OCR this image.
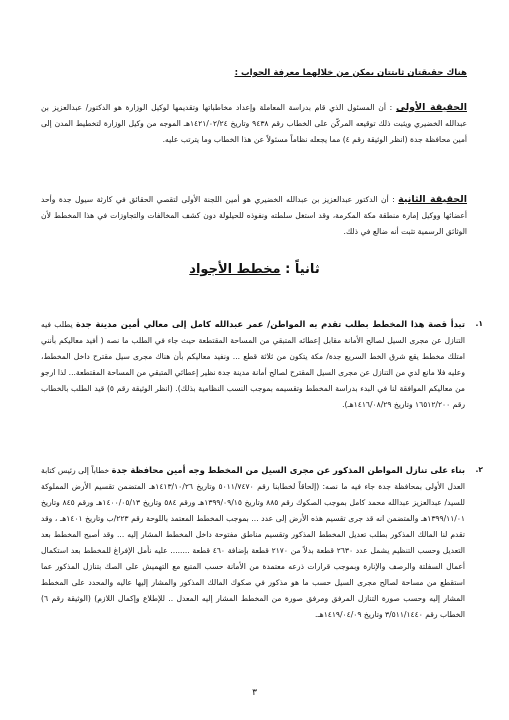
هناك حقيقتان ثابتتان يمكن من خلالهما معرفة الجواب :
الحقيقة الأولى : أن المسئول الذي قام بدراسة المعاملة وإعداد مخاطباتها وتقديمها لوكيل الوزارة هو الدكتور/ عبدالعزيز بن عبدالله الخضيري ويثبت ذلك توقيعه المركّن على الخطاب رقم ٩٤٣٨ وتاريخ ١٤٢١/٠٢/٢٤هـ الموجه من وكيل الوزارة لتخطيط المدن إلى أمين محافظة جدة (انظر الوثيقة رقم ٤) مما يجعله نظاماً مسئولاً عن هذا الخطاب وما يترتب عليه.
الحقيقة الثانية : أن الدكتور عبدالعزيز بن عبدالله الخضيري هو أمين اللجنة الأولى لتقصي الحقائق في كارثة سيول جدة وأحد أعضائها ووكيل إمارة منطقة مكة المكرمة، وقد استغل سلطته ونفوذه للحيلولة دون كشف المخالفات والتجاوزات في هذا المخطط لأن الوثائق الرسمية تثبت أنه ضالع في ذلك.
ثانياً : مخطط الأجواد
١.
تبدأ قصة هذا المخطط بطلب تقدم به المواطن/ عمر عبدالله كامل إلى معالي أمين مدينة جدة يطلب فيه التنازل عن مجرى السيل لصالح الأمانة مقابل إعطائه المتبقي من المساحة المقتطعة حيث جاء في الطلب ما نصه ( أفيد معاليكم بأنني امتلك مخطط يقع شرق الخط السريع جدة/ مكة يتكون من ثلاثة قطع ... ونفيد معاليكم بأن هناك مجرى سيل مقترح داخل المخطط، وعليه فلا مانع لدي من التنازل عن مجرى السيل المقترح لصالح أمانة مدينة جدة نظير إعطائي المتبقي من المساحة المقتطعة... لذا ارجو من معاليكم الموافقة لنا في البدء بدراسة المخطط وتقسيمه بموجب النسب النظامية بذلك). (انظر الوثيقة رقم ٥) قيد الطلب بالخطاب رقم ١٦٥١٢/٢٠٠ وتاريخ ١٤١٦/٠٨/٢٩هـ).
٢.
بناء على تنازل المواطن المذكور عن مجرى السيل من المخطط وجه أمين محافظة جدة خطاباً إلى رئيس كتابة العدل الأولى بمحافظة جدة جاء فيه ما نصه: (إلحاقاً لخطابنا رقم ٥٠١١/٧٤٧٠ وتاريخ ١٤١٣/١٠/٢٦هـ المتضمن تقسيم الأرض المملوكة للسيد/ عبدالعزيز عبدالله محمد كامل بموجب الصكوك رقم ٨٨٥ وتاريخ ١٣٩٩/٠٩/١٥هـ ورقم ٥٨٤ وتاريخ ١٤٠٠/٠٥/١٣هـ ورقم ٨٤٥ وتاريخ ١٣٩٩/١١/٠١هـ والمتضمن انه قد جرى تقسيم هذه الأرض إلى عدد ... بموجب المخطط المعتمد باللوحة رقم ٢٢٣/ب وتاريخ ١٤٠١هـ ، وقد تقدم لنا المالك المذكور بطلب تعديل المخطط المذكور وتقسيم مناطق مفتوحة داخل المخطط المشار إليه ... وقد أصبح المخطط بعد التعديل وحسب التنظيم يشمل عدد ٢٦٣٠ قطعة بدلاً من ٢١٧٠ قطعة بإضافة ٤٦٠ قطعة ........ عليه نأمل الإفراغ للمخطط بعد استكمال أعمال السفلتة والرصف والإنارة وبموجب قرارات ذرعه معتمدة من الأمانة حسب المتبع مع التهميش على الصك بتنازل المذكور عما استقطع من مساحة لصالح مجرى السيل حسب ما هو مذكور في صكوك المالك المذكور والمشار إليها عاليه والمحدد على المخطط المشار إليه وحسب صورة التنازل المرفق ومرفق صورة من المخطط المشار إليه المعدل .. للإطلاع وإكمال اللازم) (الوثيقة رقم ٦) الخطاب رقم ٣/٥١١/١٤٤٠ وتاريخ ١٤١٩/٠٤/٠٩هـ.
٣
